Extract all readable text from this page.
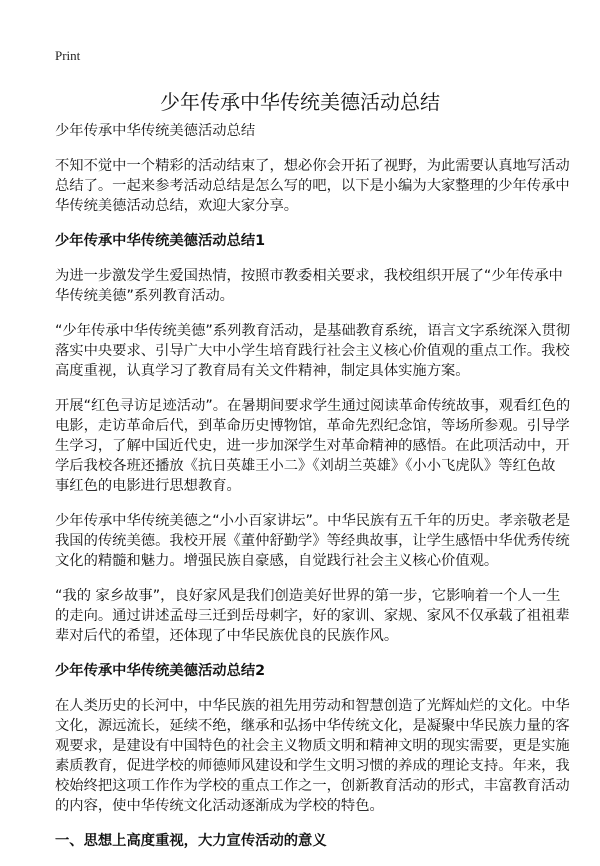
Print
少年传承中华传统美德活动总结
少年传承中华传统美德活动总结
不知不觉中一个精彩的活动结束了，想必你会开拓了视野，为此需要认真地写活动
总结了。一起来参考活动总结是怎么写的吧，以下是小编为大家整理的少年传承中
华传统美德活动总结，欢迎大家分享。
少年传承中华传统美德活动总结1
为进一步激发学生爱国热情，按照市教委相关要求，我校组织开展了“少年传承中
华传统美德”系列教育活动。
“少年传承中华传统美德”系列教育活动，是基础教育系统，语言文字系统深入贯彻
落实中央要求、引导广大中小学生培育践行社会主义核心价值观的重点工作。我校
高度重视，认真学习了教育局有关文件精神，制定具体实施方案。
开展“红色寻访足迹活动”。在暑期间要求学生通过阅读革命传统故事，观看红色的
电影，走访革命后代，到革命历史博物馆，革命先烈纪念馆，等场所参观。引导学
生学习，了解中国近代史，进一步加深学生对革命精神的感悟。在此项活动中，开
学后我校各班还播放《抗日英雄王小二》《刘胡兰英雄》《小小飞虎队》等红色故
事红色的电影进行思想教育。
少年传承中华传统美德之“小小百家讲坛”。中华民族有五千年的历史。孝亲敬老是
我国的传统美德。我校开展《董仲舒勤学》等经典故事，让学生感悟中华优秀传统
文化的精髓和魅力。增强民族自豪感，自觉践行社会主义核心价值观。
“我的 家乡故事”，良好家风是我们创造美好世界的第一步，它影响着一个人一生
的走向。通过讲述孟母三迁到岳母刺字，好的家训、家规、家风不仅承载了祖祖辈
辈对后代的希望，还体现了中华民族优良的民族作风。
少年传承中华传统美德活动总结2
在人类历史的长河中，中华民族的祖先用劳动和智慧创造了光辉灿烂的文化。中华
文化，源远流长，延续不绝，继承和弘扬中华传统文化，是凝聚中华民族力量的客
观要求，是建设有中国特色的社会主义物质文明和精神文明的现实需要，更是实施
素质教育，促进学校的师德师风建设和学生文明习惯的养成的理论支持。年来，我
校始终把这项工作作为学校的重点工作之一，创新教育活动的形式，丰富教育活动
的内容，使中华传统文化活动逐渐成为学校的特色。
一、思想上高度重视，大力宣传活动的意义
